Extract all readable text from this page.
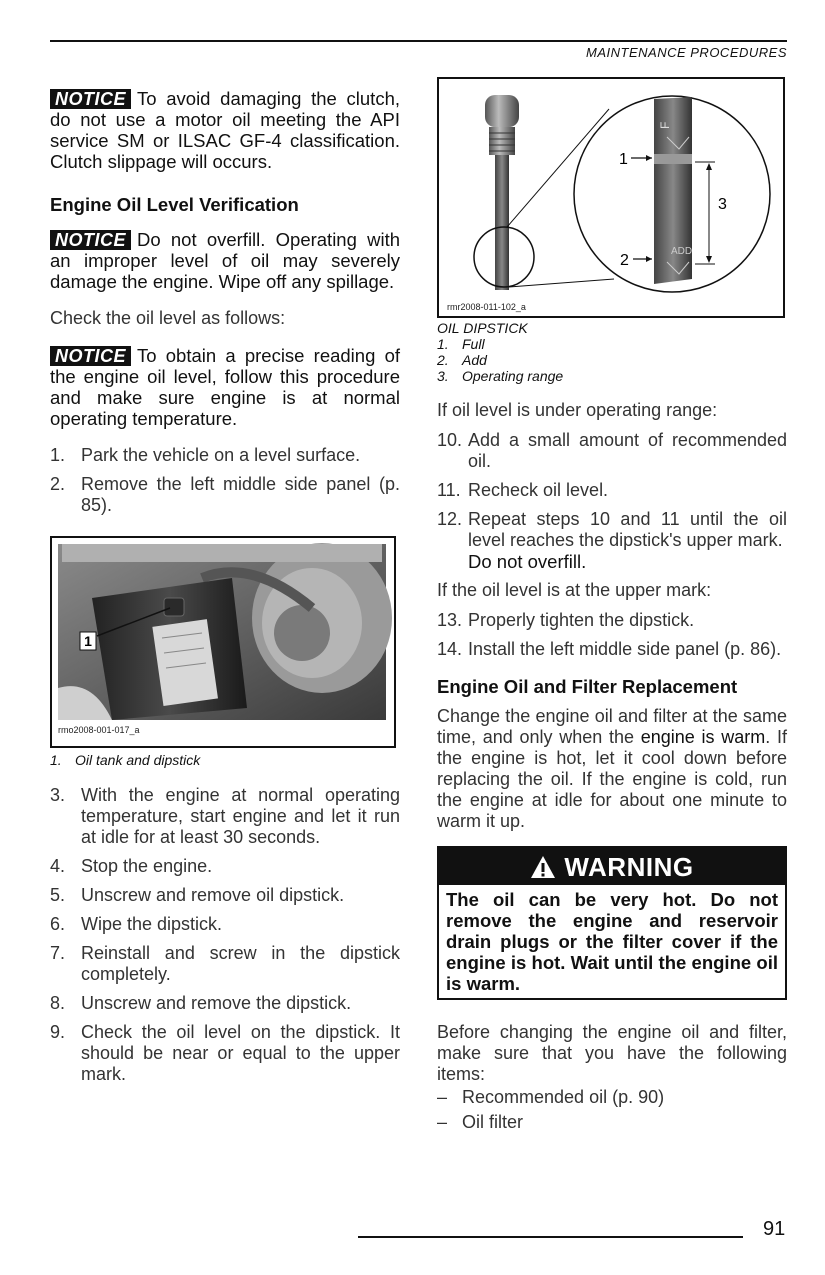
MAINTENANCE PROCEDURES

NOTICE To avoid damaging the clutch, do not use a motor oil meeting the API service SM or ILSAC GF-4 classification. Clutch slippage will occurs.

Engine Oil Level Verification

NOTICE Do not overfill. Operating with an improper level of oil may severely damage the engine. Wipe off any spillage.

Check the oil level as follows:

NOTICE To obtain a precise reading of the engine oil level, follow this procedure and make sure engine is at normal operating temperature.

1. Park the vehicle on a level surface.
2. Remove the left middle side panel (p. 85).
1
rmo2008-001-017_a
1. Oil tank and dipstick
3. With the engine at normal operating temperature, start engine and let it run at idle for at least 30 seconds.
4. Stop the engine.
5. Unscrew and remove oil dipstick.
6. Wipe the dipstick.
7. Reinstall and screw in the dipstick completely.
8. Unscrew and remove the dipstick.
9. Check the oil level on the dipstick. It should be near or equal to the upper mark.
F
ADD
1
2
3
rmr2008-011-102_a
OIL DIPSTICK
1. Full
2. Add
3. Operating range

If oil level is under operating range:

10. Add a small amount of recommended oil.
11. Recheck oil level.
12. Repeat steps 10 and 11 until the oil level reaches the dipstick's upper mark.
Do not overfill.

If the oil level is at the upper mark:

13. Properly tighten the dipstick.
14. Install the left middle side panel (p. 86).
Engine Oil and Filter Replacement

Change the engine oil and filter at the same time, and only when the engine is warm. If the engine is hot, let it cool down before replacing the oil. If the engine is cold, run the engine at idle for about one minute to warm it up.

WARNING
The oil can be very hot. Do not remove the engine and reservoir drain plugs or the filter cover if the engine is hot. Wait until the engine oil is warm.

Before changing the engine oil and filter, make sure that you have the following items:

– Recommended oil (p. 90)
– Oil filter
91
